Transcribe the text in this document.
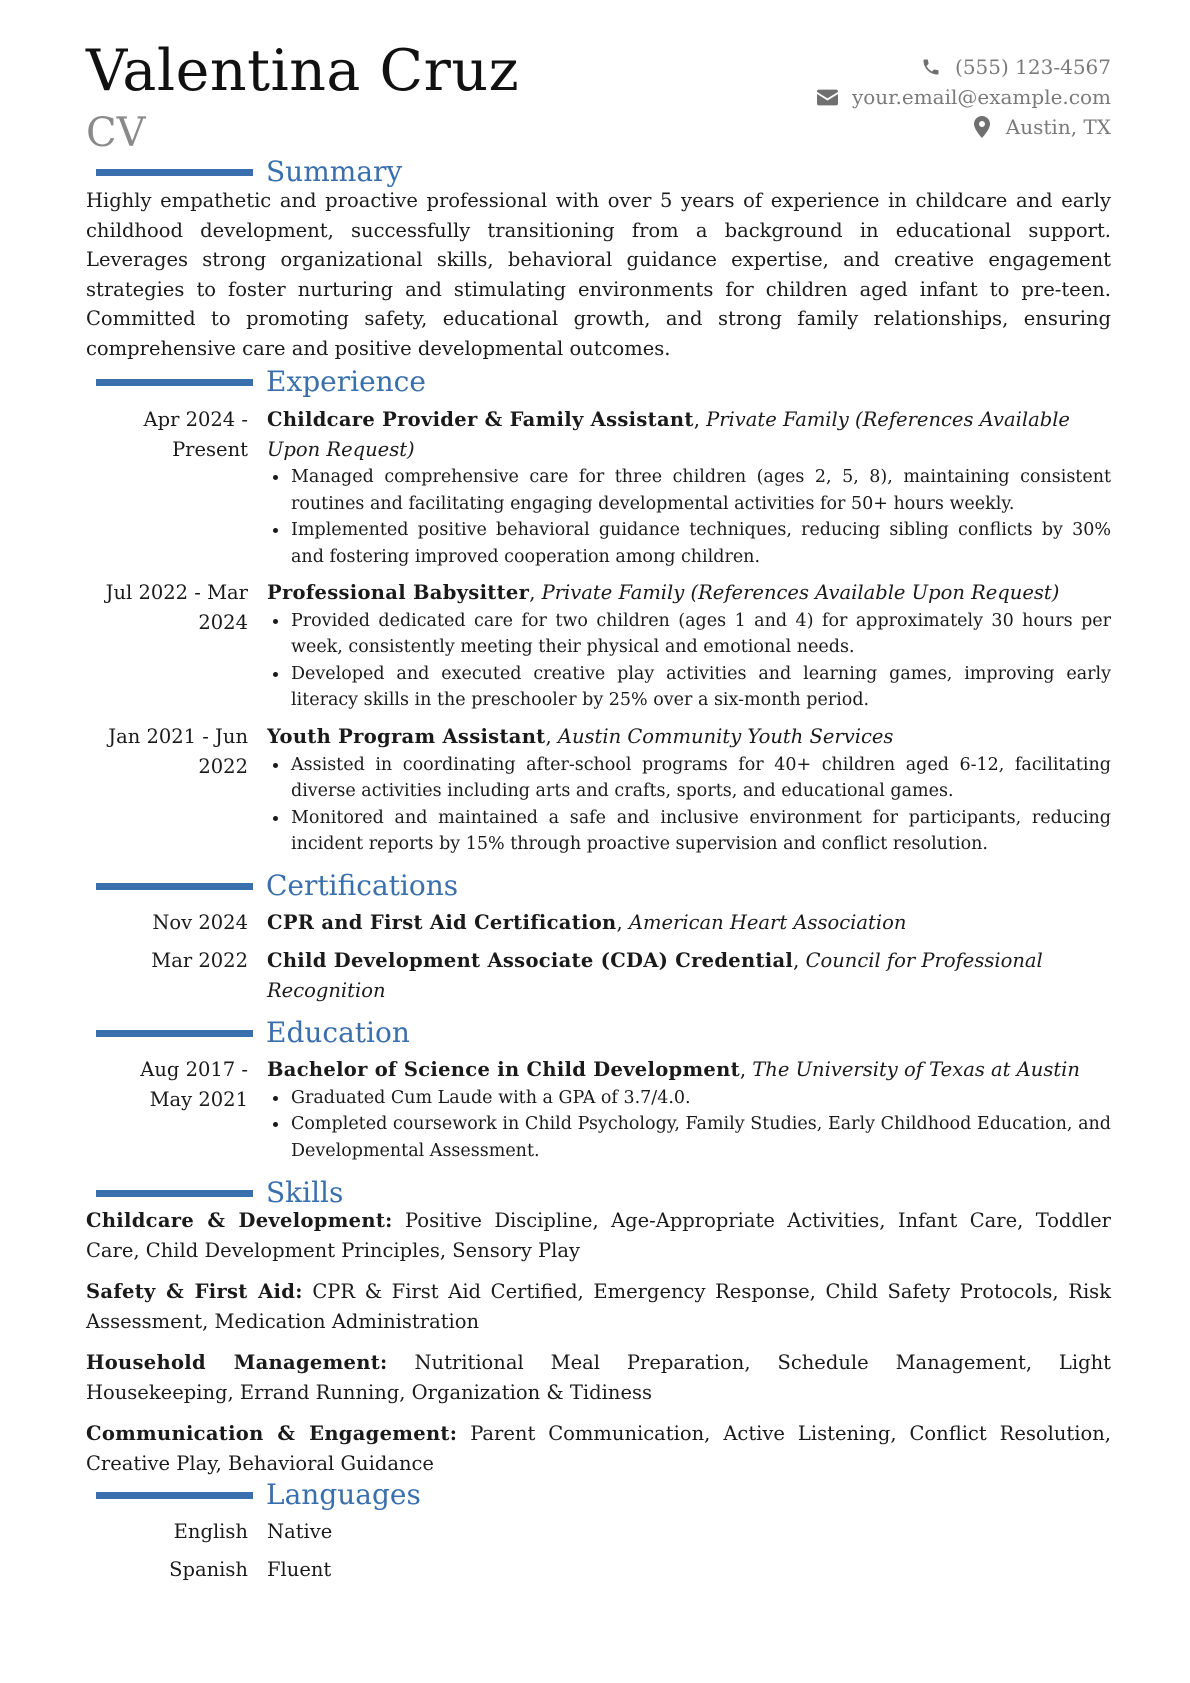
Valentina Cruz
CV
(555) 123-4567
your.email@example.com
Austin, TX
Summary
Highly empathetic and proactive professional with over 5 years of experience in childcare and early childhood development, successfully transitioning from a background in educational support. Leverages strong organizational skills, behavioral guidance expertise, and creative engagement strategies to foster nurturing and stimulating environments for children aged infant to pre-teen. Committed to promoting safety, educational growth, and strong family relationships, ensuring comprehensive care and positive developmental outcomes.
Experience
Apr 2024 -
Present
Childcare Provider & Family Assistant, Private Family (References Available Upon Request)
Managed comprehensive care for three children (ages 2, 5, 8), maintaining consistent routines and facilitating engaging developmental activities for 50+ hours weekly.
Implemented positive behavioral guidance techniques, reducing sibling conflicts by 30% and fostering improved cooperation among children.
Jul 2022 - Mar
2024
Professional Babysitter, Private Family (References Available Upon Request)
Provided dedicated care for two children (ages 1 and 4) for approximately 30 hours per week, consistently meeting their physical and emotional needs.
Developed and executed creative play activities and learning games, improving early literacy skills in the preschooler by 25% over a six-month period.
Jan 2021 - Jun
2022
Youth Program Assistant, Austin Community Youth Services
Assisted in coordinating after-school programs for 40+ children aged 6-12, facilitating diverse activities including arts and crafts, sports, and educational games.
Monitored and maintained a safe and inclusive environment for participants, reducing incident reports by 15% through proactive supervision and conflict resolution.
Certifications
Nov 2024 CPR and First Aid Certification, American Heart Association
Mar 2022 Child Development Associate (CDA) Credential, Council for Professional Recognition
Education
Aug 2017 -
May 2021
Bachelor of Science in Child Development, The University of Texas at Austin
Graduated Cum Laude with a GPA of 3.7/4.0.
Completed coursework in Child Psychology, Family Studies, Early Childhood Education, and Developmental Assessment.
Skills
Childcare & Development: Positive Discipline, Age-Appropriate Activities, Infant Care, Toddler Care, Child Development Principles, Sensory Play
Safety & First Aid: CPR & First Aid Certified, Emergency Response, Child Safety Protocols, Risk Assessment, Medication Administration
Household Management: Nutritional Meal Preparation, Schedule Management, Light Housekeeping, Errand Running, Organization & Tidiness
Communication & Engagement: Parent Communication, Active Listening, Conflict Resolution, Creative Play, Behavioral Guidance
Languages
English Native
Spanish Fluent
